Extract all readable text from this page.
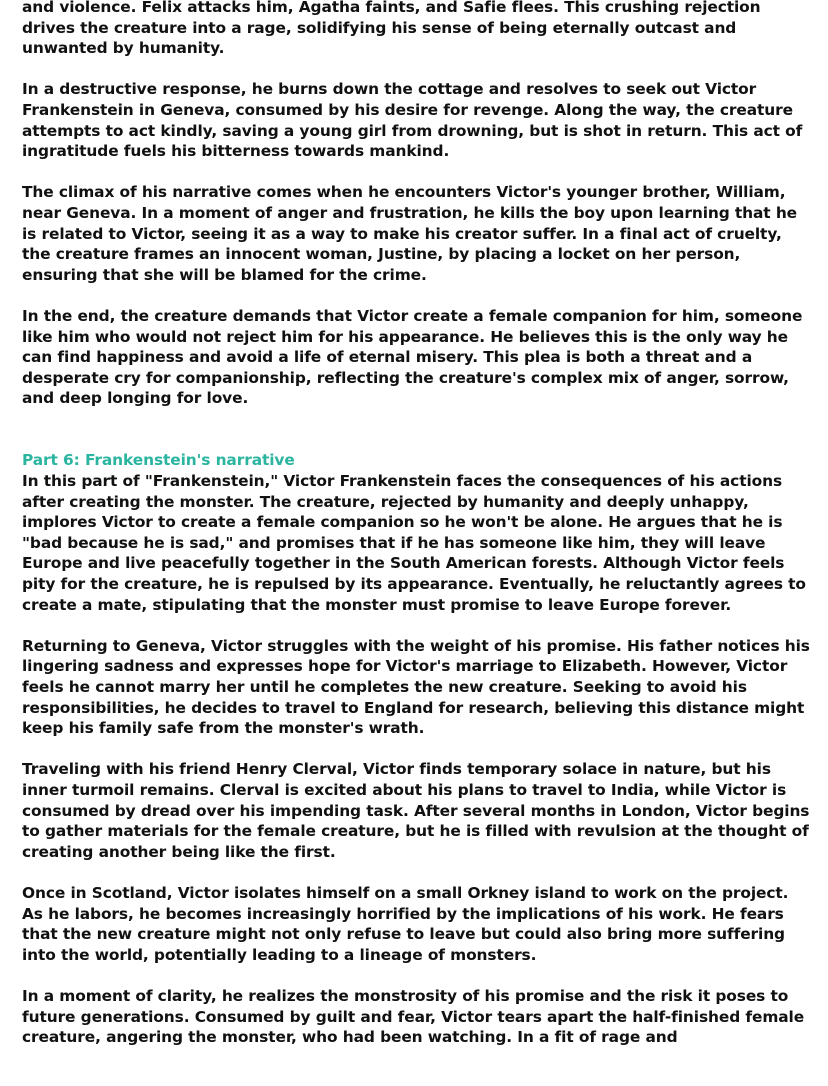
and violence. Felix attacks him, Agatha faints, and Safie flees. This crushing rejection drives the creature into a rage, solidifying his sense of being eternally outcast and unwanted by humanity.

In a destructive response, he burns down the cottage and resolves to seek out Victor Frankenstein in Geneva, consumed by his desire for revenge. Along the way, the creature attempts to act kindly, saving a young girl from drowning, but is shot in return. This act of ingratitude fuels his bitterness towards mankind.

The climax of his narrative comes when he encounters Victor's younger brother, William, near Geneva. In a moment of anger and frustration, he kills the boy upon learning that he is related to Victor, seeing it as a way to make his creator suffer. In a final act of cruelty, the creature frames an innocent woman, Justine, by placing a locket on her person, ensuring that she will be blamed for the crime.

In the end, the creature demands that Victor create a female companion for him, someone like him who would not reject him for his appearance. He believes this is the only way he can find happiness and avoid a life of eternal misery. This plea is both a threat and a desperate cry for companionship, reflecting the creature's complex mix of anger, sorrow, and deep longing for love.

Part 6: Frankenstein's narrative

In this part of "Frankenstein," Victor Frankenstein faces the consequences of his actions after creating the monster. The creature, rejected by humanity and deeply unhappy, implores Victor to create a female companion so he won't be alone. He argues that he is "bad because he is sad," and promises that if he has someone like him, they will leave Europe and live peacefully together in the South American forests. Although Victor feels pity for the creature, he is repulsed by its appearance. Eventually, he reluctantly agrees to create a mate, stipulating that the monster must promise to leave Europe forever.

Returning to Geneva, Victor struggles with the weight of his promise. His father notices his lingering sadness and expresses hope for Victor's marriage to Elizabeth. However, Victor feels he cannot marry her until he completes the new creature. Seeking to avoid his responsibilities, he decides to travel to England for research, believing this distance might keep his family safe from the monster's wrath.

Traveling with his friend Henry Clerval, Victor finds temporary solace in nature, but his inner turmoil remains. Clerval is excited about his plans to travel to India, while Victor is consumed by dread over his impending task. After several months in London, Victor begins to gather materials for the female creature, but he is filled with revulsion at the thought of creating another being like the first.

Once in Scotland, Victor isolates himself on a small Orkney island to work on the project. As he labors, he becomes increasingly horrified by the implications of his work. He fears that the new creature might not only refuse to leave but could also bring more suffering into the world, potentially leading to a lineage of monsters.

In a moment of clarity, he realizes the monstrosity of his promise and the risk it poses to future generations. Consumed by guilt and fear, Victor tears apart the half-finished female creature, angering the monster, who had been watching. In a fit of rage and
